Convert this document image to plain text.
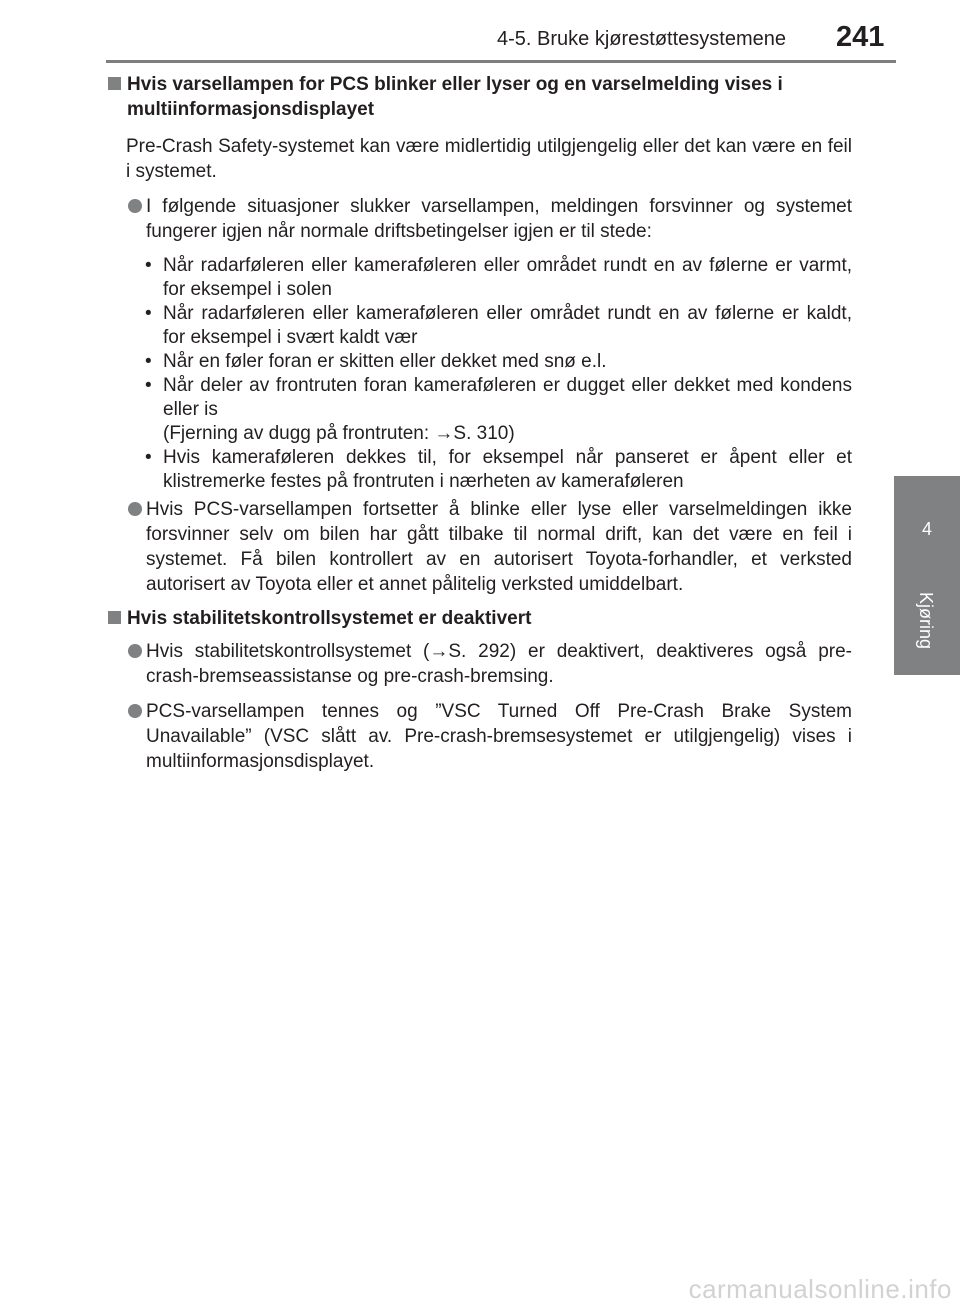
4-5. Bruke kjørestøttesystemene 241
4
Kjøring
Hvis varsellampen for PCS blinker eller lyser og en varselmelding vises i multiinformasjonsdisplayet
Pre-Crash Safety-systemet kan være midlertidig utilgjengelig eller det kan være en feil i systemet.
I følgende situasjoner slukker varsellampen, meldingen forsvinner og systemet fungerer igjen når normale driftsbetingelser igjen er til stede:
• Når radarføleren eller kameraføleren eller området rundt en av følerne er varmt, for eksempel i solen
• Når radarføleren eller kameraføleren eller området rundt en av følerne er kaldt, for eksempel i svært kaldt vær
• Når en føler foran er skitten eller dekket med snø e.l.
• Når deler av frontruten foran kameraføleren er dugget eller dekket med kondens eller is
(Fjerning av dugg på frontruten: →S. 310)
• Hvis kameraføleren dekkes til, for eksempel når panseret er åpent eller et klistremerke festes på frontruten i nærheten av kameraføleren
Hvis PCS-varsellampen fortsetter å blinke eller lyse eller varselmeldingen ikke forsvinner selv om bilen har gått tilbake til normal drift, kan det være en feil i systemet. Få bilen kontrollert av en autorisert Toyota-forhandler, et verksted autorisert av Toyota eller et annet pålitelig verksted umiddelbart.
Hvis stabilitetskontrollsystemet er deaktivert
Hvis stabilitetskontrollsystemet (→S. 292) er deaktivert, deaktiveres også pre-crash-bremseassistanse og pre-crash-bremsing.
PCS-varsellampen tennes og ”VSC Turned Off Pre-Crash Brake System Unavailable” (VSC slått av. Pre-crash-bremsesystemet er utilgjengelig) vises i multiinformasjonsdisplayet.
carmanualsonline.info
